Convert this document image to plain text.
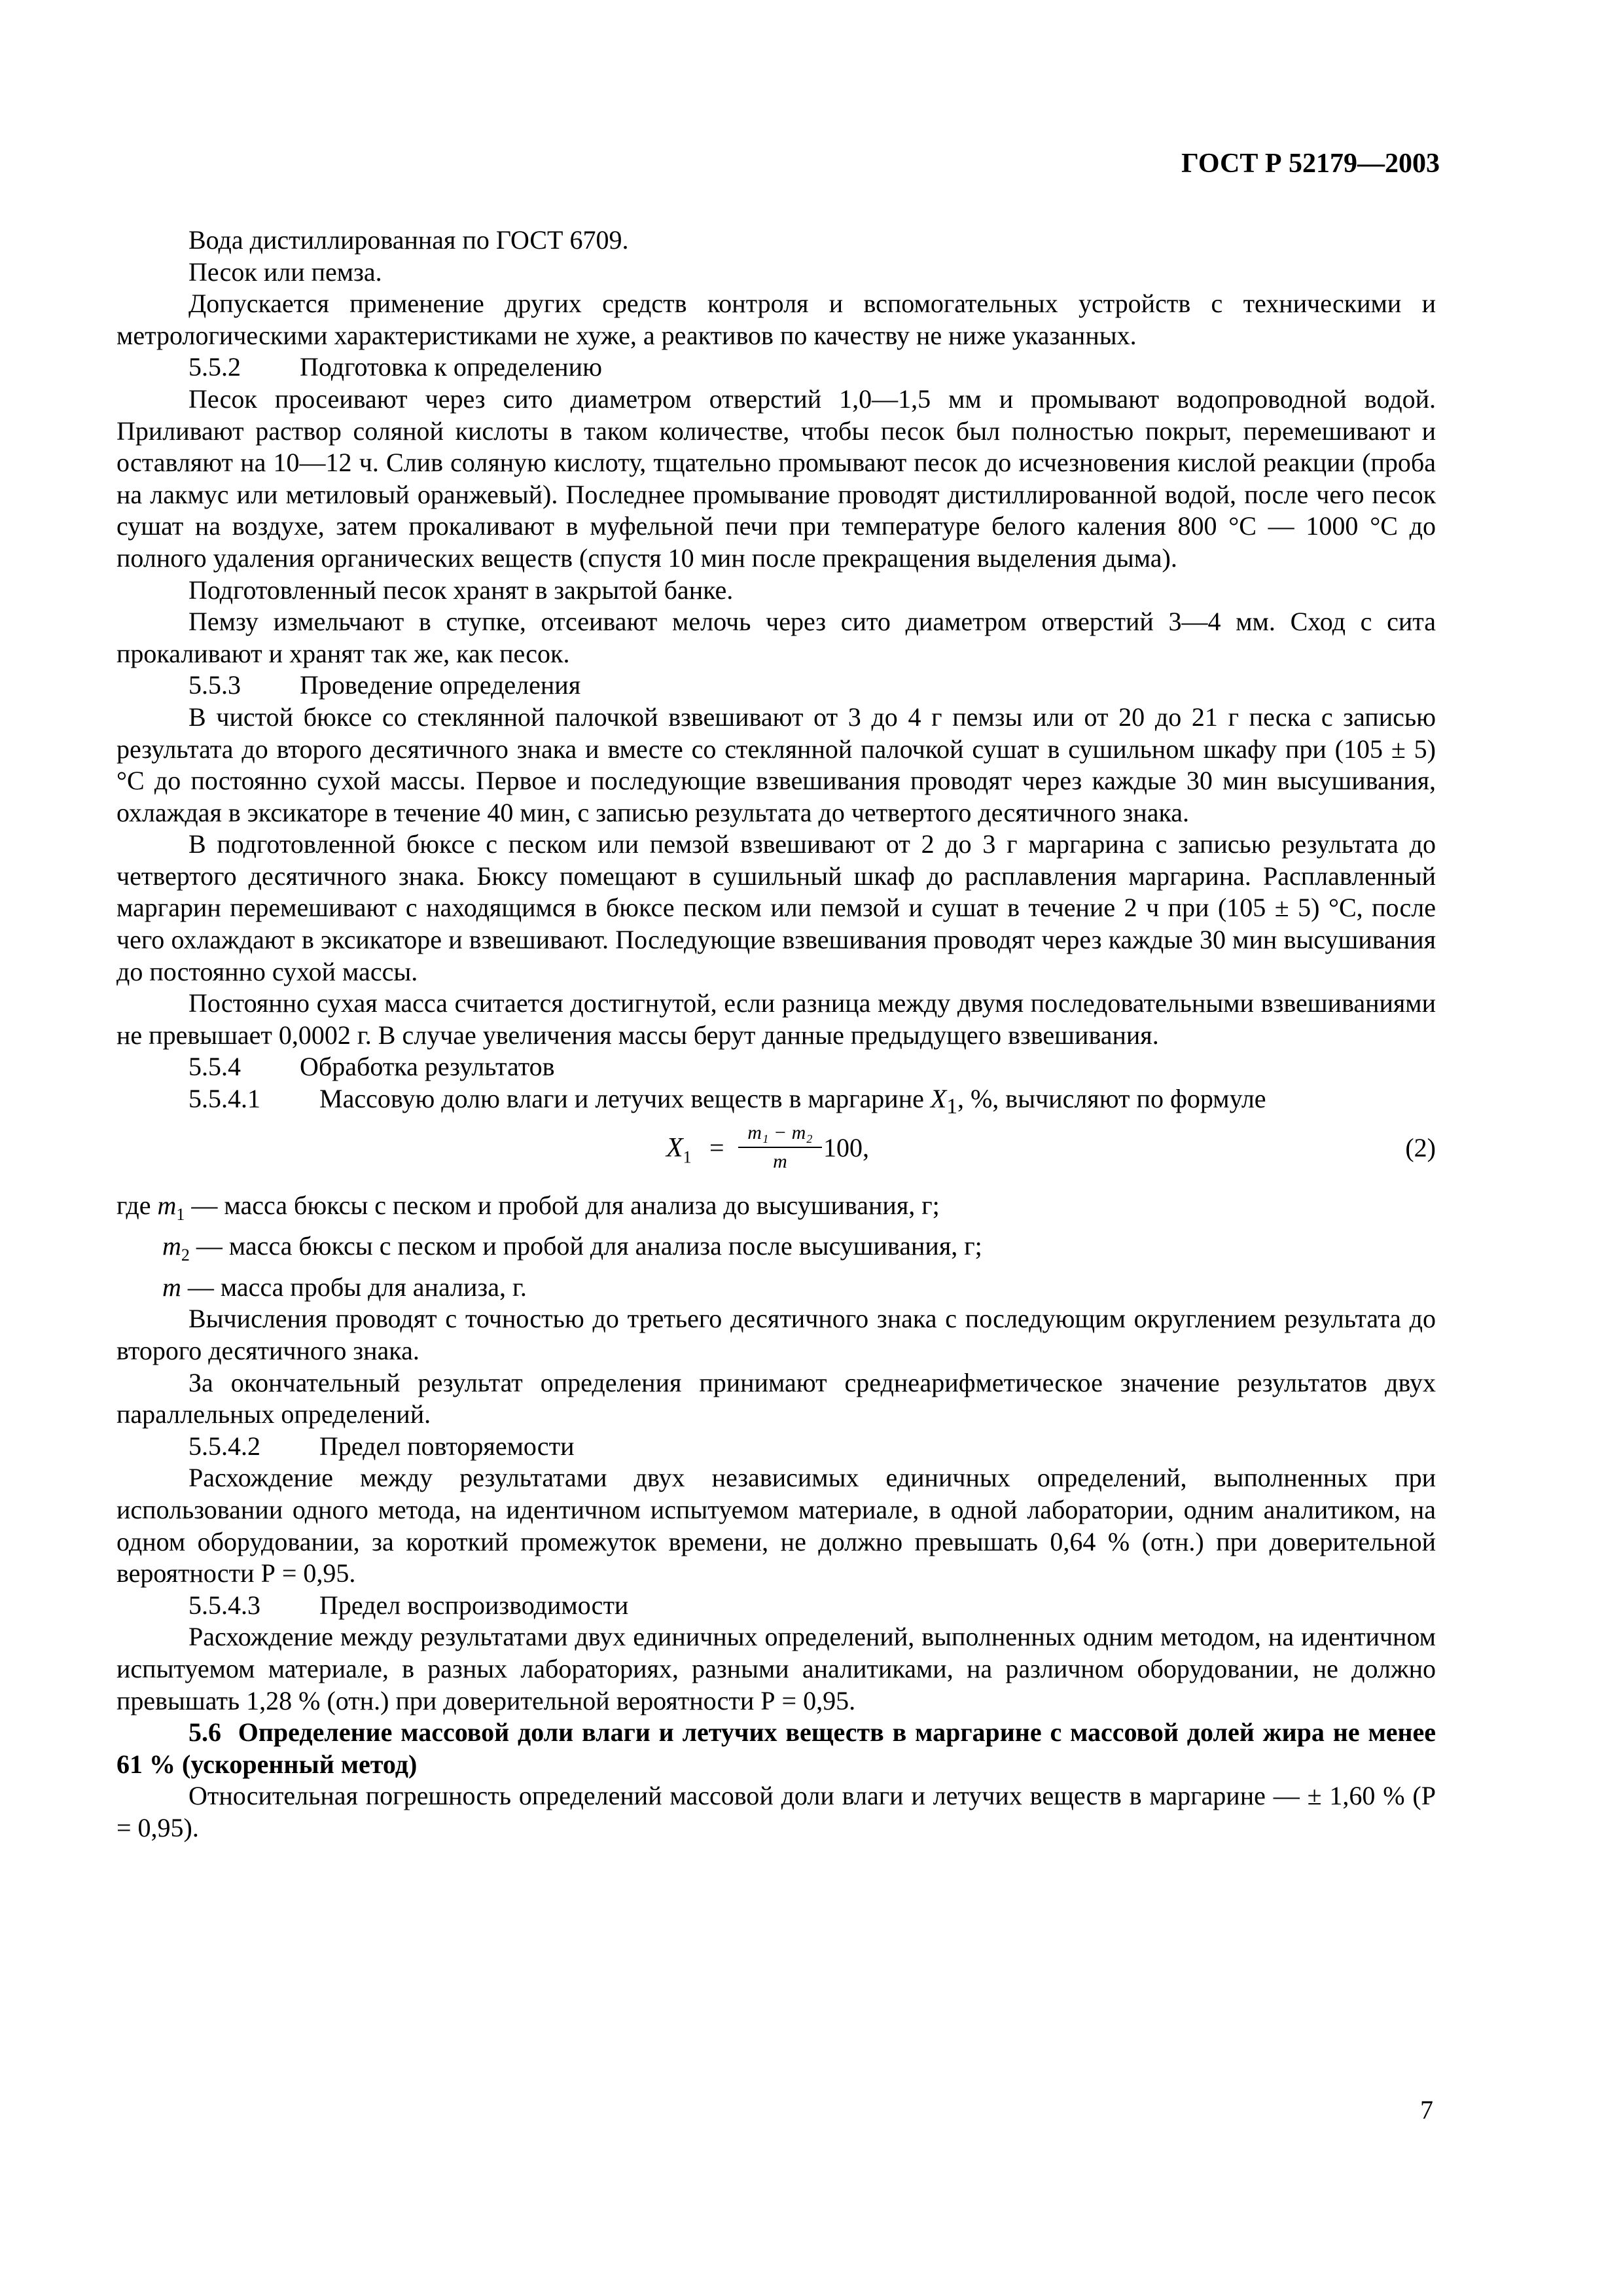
ГОСТ Р 52179—2003

Вода дистиллированная по ГОСТ 6709.

Песок или пемза.

Допускается применение других средств контроля и вспомогательных устройств с техническими и метрологическими характеристиками не хуже, а реактивов по качеству не ниже указанных.

5.5.2 Подготовка к определению

Песок просеивают через сито диаметром отверстий 1,0—1,5 мм и промывают водопроводной водой. Приливают раствор соляной кислоты в таком количестве, чтобы песок был полностью покрыт, перемешивают и оставляют на 10—12 ч. Слив соляную кислоту, тщательно промывают песок до исчезновения кислой реакции (проба на лакмус или метиловый оранжевый). Последнее промывание проводят дистиллированной водой, после чего песок сушат на воздухе, затем прокаливают в муфельной печи при температуре белого каления 800 °С — 1000 °С до полного удаления органических веществ (спустя 10 мин после прекращения выделения дыма).

Подготовленный песок хранят в закрытой банке.

Пемзу измельчают в ступке, отсеивают мелочь через сито диаметром отверстий 3—4 мм. Сход с сита прокаливают и хранят так же, как песок.

5.5.3 Проведение определения

В чистой бюксе со стеклянной палочкой взвешивают от 3 до 4 г пемзы или от 20 до 21 г песка с записью результата до второго десятичного знака и вместе со стеклянной палочкой сушат в сушильном шкафу при (105 ± 5) °С до постоянно сухой массы. Первое и последующие взвешивания проводят через каждые 30 мин высушивания, охлаждая в эксикаторе в течение 40 мин, с записью результата до четвертого десятичного знака.

В подготовленной бюксе с песком или пемзой взвешивают от 2 до 3 г маргарина с записью результата до четвертого десятичного знака. Бюксу помещают в сушильный шкаф до расплавления маргарина. Расплавленный маргарин перемешивают с находящимся в бюксе песком или пемзой и сушат в течение 2 ч при (105 ± 5) °С, после чего охлаждают в эксикаторе и взвешивают. Последующие взвешивания проводят через каждые 30 мин высушивания до постоянно сухой массы.

Постоянно сухая масса считается достигнутой, если разница между двумя последовательными взвешиваниями не превышает 0,0002 г. В случае увеличения массы берут данные предыдущего взвешивания.

5.5.4 Обработка результатов

5.5.4.1 Массовую долю влаги и летучих веществ в маргарине $X_1$, %, вычисляют по формуле

$X_1 = \frac{\text{m₁ − m₂}}{m} 100$,	(2)

где $m_1$ — масса бюксы с песком и пробой для анализа до высушивания, г;

$m_2$ — масса бюксы с песком и пробой для анализа после высушивания, г;

m — масса пробы для анализа, г.

Вычисления проводят с точностью до третьего десятичного знака с последующим округлением результата до второго десятичного знака.

За окончательный результат определения принимают среднеарифметическое значение результатов двух параллельных определений.

5.5.4.2 Предел повторяемости

Расхождение между результатами двух независимых единичных определений, выполненных при использовании одного метода, на идентичном испытуемом материале, в одной лаборатории, одним аналитиком, на одном оборудовании, за короткий промежуток времени, не должно превышать 0,64 % (отн.) при доверительной вероятности Р = 0,95.

5.5.4.3 Предел воспроизводимости

Расхождение между результатами двух единичных определений, выполненных одним методом, на идентичном испытуемом материале, в разных лабораториях, разными аналитиками, на различном оборудовании, не должно превышать 1,28 % (отн.) при доверительной вероятности Р = 0,95.

5.6 Определение массовой доли влаги и летучих веществ в маргарине с массовой долей жира не менее 61 % (ускоренный метод)

Относительная погрешность определений массовой доли влаги и летучих веществ в маргарине — ± 1,60 % (Р = 0,95).

7
